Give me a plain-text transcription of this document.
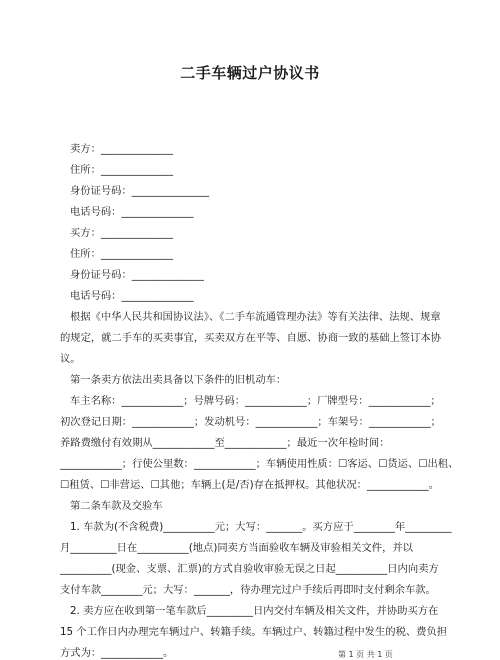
二手车辆过户协议书
卖方：______________
住所：______________
身份证号码：_______________
电话号码：______________
买方：______________
住所：______________
身份证号码：______________
电话号码：______________
根据《中华人民共和国协议法》、《二手车流通管理办法》等有关法律、法规、规章
的规定，就二手车的买卖事宜，买卖双方在平等、自愿、协商一致的基础上签订本协
议。
第一条卖方依法出卖具备以下条件的旧机动车：
车主名称：____________；号牌号码：____________；厂牌型号：____________；
初次登记日期：____________；发动机号：____________；车架号：____________；
养路费缴付有效期从____________至____________；最近一次年检时间：
____________；行使公里数：____________；车辆使用性质：☐客运、☐货运、☐出租、
☐租赁、☐非营运、☐其他；车辆上(是/否)存在抵押权。其他状况：____________。
第二条车款及交验车
1. 车款为(不含税费)__________元；大写：_______。买方应于________年_________
月_________日在__________(地点)同卖方当面验收车辆及审验相关文件，并以
__________(现金、支票、汇票)的方式自验收审验无误之日起__________日内向卖方
支付车款________元；大写：_______，待办理完过户手续后再即时支付剩余车款。
2. 卖方应在收到第一笔车款后_________日内交付车辆及相关文件，并协助买方在
15 个工作日内办理完车辆过户、转籍手续。车辆过户、转籍过程中发生的税、费负担
方式为：____________。	第 1 页 共 1 页
